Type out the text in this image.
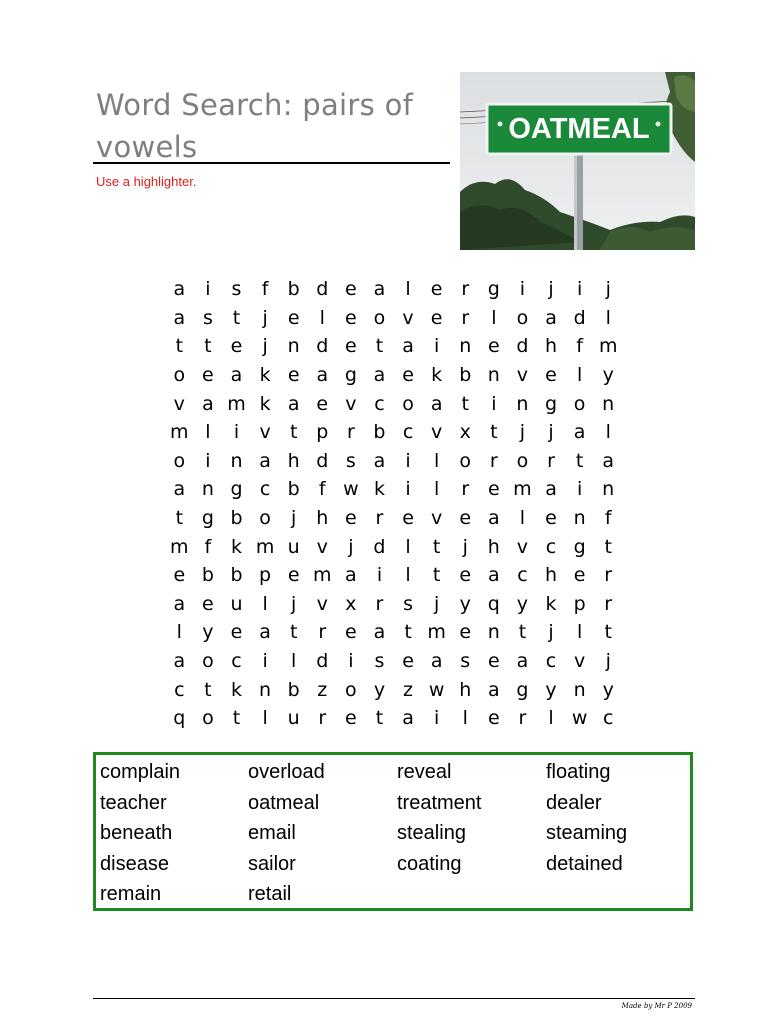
Word Search: pairs of vowels
Use a highlighter.
OATMEAL
a	i	s	f	b	d	e	a	l	e	r	g	i	j	i	j
a	s	t	j	e	l	e	o	v	e	r	l	o	a	d	l
t	t	e	j	n	d	e	t	a	i	n	e	d	h	f	m
o	e	a	k	e	a	g	a	e	k	b	n	v	e	l	y
v	a	m	k	a	e	v	c	o	a	t	i	n	g	o	n
m	l	i	v	t	p	r	b	c	v	x	t	j	j	a	l
o	i	n	a	h	d	s	a	i	l	o	r	o	r	t	a
a	n	g	c	b	f	w	k	i	l	r	e	m	a	i	n
t	g	b	o	j	h	e	r	e	v	e	a	l	e	n	f
m	f	k	m	u	v	j	d	l	t	j	h	v	c	g	t
e	b	b	p	e	m	a	i	l	t	e	a	c	h	e	r
a	e	u	l	j	v	x	r	s	j	y	q	y	k	p	r
l	y	e	a	t	r	e	a	t	m	e	n	t	j	l	t
a	o	c	i	l	d	i	s	e	a	s	e	a	c	v	j
c	t	k	n	b	z	o	y	z	w	h	a	g	y	n	y
q	o	t	l	u	r	e	t	a	i	l	e	r	l	w	c
complain	overload	reveal	floating
teacher	oatmeal	treatment	dealer
beneath	email	stealing	steaming
disease	sailor	coating	detained
remain	retail
Made by Mr P 2009
